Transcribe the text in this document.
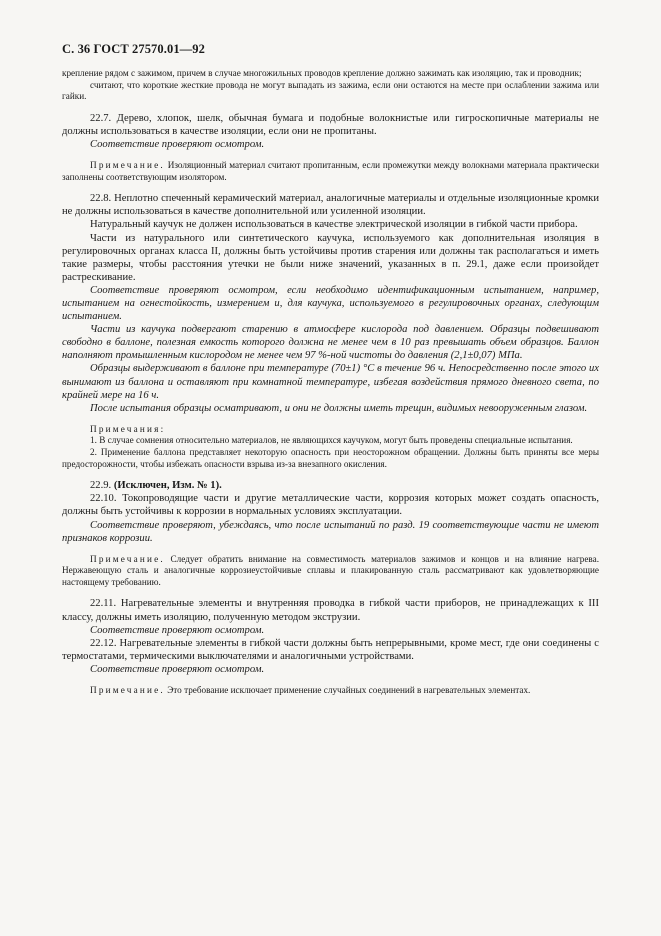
С. 36 ГОСТ 27570.01—92

крепление рядом с зажимом, причем в случае многожильных проводов крепление должно зажимать как изоляцию, так и проводник;

считают, что короткие жесткие провода не могут выпадать из зажима, если они остаются на месте при ослаблении зажима или гайки.

22.7. Дерево, хлопок, шелк, обычная бумага и подобные волокнистые или гигроскопичные материалы не должны использоваться в качестве изоляции, если они не пропитаны.

Соответствие проверяют осмотром.

Примечание. Изоляционный материал считают пропитанным, если промежутки между волокнами материала практически заполнены соответствующим изолятором.

22.8. Неплотно спеченный керамический материал, аналогичные материалы и отдельные изоляционные кромки не должны использоваться в качестве дополнительной или усиленной изоляции.

Натуральный каучук не должен использоваться в качестве электрической изоляции в гибкой части прибора.

Части из натурального или синтетического каучука, используемого как дополнительная изоляция в регулировочных органах класса II, должны быть устойчивы против старения или должны так располагаться и иметь такие размеры, чтобы расстояния утечки не были ниже значений, указанных в п. 29.1, даже если произойдет растрескивание.

Соответствие проверяют осмотром, если необходимо идентификационным испытанием, например, испытанием на огнестойкость, измерением и, для каучука, используемого в регулировочных органах, следующим испытанием.

Части из каучука подвергают старению в атмосфере кислорода под давлением. Образцы подвешивают свободно в баллоне, полезная емкость которого должна не менее чем в 10 раз превышать объем образцов. Баллон наполняют промышленным кислородом не менее чем 97 %-ной чистоты до давления (2,1±0,07) МПа.

Образцы выдерживают в баллоне при температуре (70±1) °С в течение 96 ч. Непосредственно после этого их вынимают из баллона и оставляют при комнатной температуре, избегая воздействия прямого дневного света, по крайней мере на 16 ч.

После испытания образцы осматривают, и они не должны иметь трещин, видимых невооруженным глазом.

Примечания:

1. В случае сомнения относительно материалов, не являющихся каучуком, могут быть проведены специальные испытания.

2. Применение баллона представляет некоторую опасность при неосторожном обращении. Должны быть приняты все меры предосторожности, чтобы избежать опасности взрыва из-за внезапного окисления.

22.9. (Исключен, Изм. № 1).

22.10. Токопроводящие части и другие металлические части, коррозия которых может создать опасность, должны быть устойчивы к коррозии в нормальных условиях эксплуатации.

Соответствие проверяют, убеждаясь, что после испытаний по разд. 19 соответствующие части не имеют признаков коррозии.

Примечание. Следует обратить внимание на совместимость материалов зажимов и концов и на влияние нагрева. Нержавеющую сталь и аналогичные коррозиеустойчивые сплавы и плакированную сталь рассматривают как удовлетворяющие настоящему требованию.

22.11. Нагревательные элементы и внутренняя проводка в гибкой части приборов, не принадлежащих к III классу, должны иметь изоляцию, полученную методом экструзии.

Соответствие проверяют осмотром.

22.12. Нагревательные элементы в гибкой части должны быть непрерывными, кроме мест, где они соединены с термостатами, термическими выключателями и аналогичными устройствами.

Соответствие проверяют осмотром.

Примечание. Это требование исключает применение случайных соединений в нагревательных элементах.
